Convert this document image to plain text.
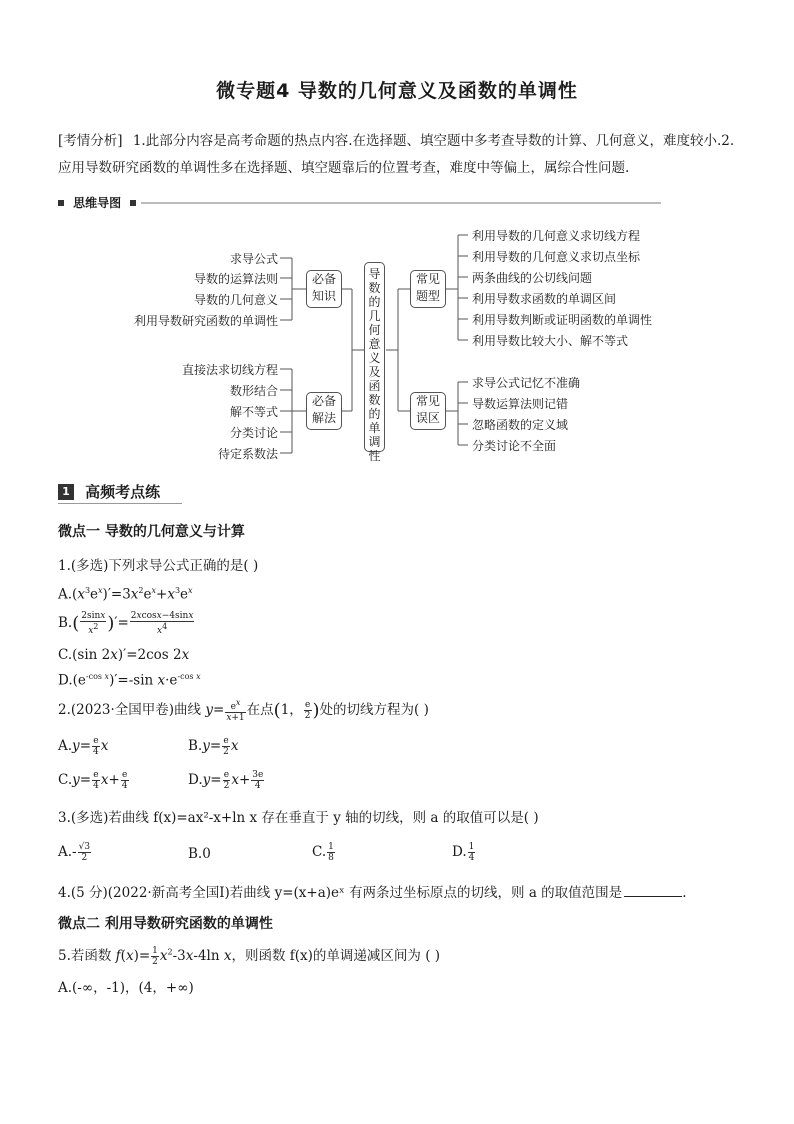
微专题4 导数的几何意义及函数的单调性
[考情分析] 1.此部分内容是高考命题的热点内容.在选择题、填空题中多考查导数的计算、几何意义，难度较小.2.应用导数研究函数的单调性多在选择题、填空题靠后的位置考查，难度中等偏上，属综合性问题.
思维导图
求导公式
导数的运算法则
导数的几何意义
利用导数研究函数的单调性
必备知识
直接法求切线方程
数形结合
解不等式
分类讨论
待定系数法
必备解法
导数的几何意义及函数的单调性
常见题型
常见误区
利用导数的几何意义求切线方程
利用导数的几何意义求切点坐标
两条曲线的公切线问题
利用导数求函数的单调区间
利用导数判断或证明函数的单调性
利用导数比较大小、解不等式
求导公式记忆不准确
导数运算法则记错
忽略函数的定义域
分类讨论不全面
1 高频考点练
微点一 导数的几何意义与计算
1.(多选)下列求导公式正确的是( )
$A.(x^3e^x)'=3x^2e^x+x^3e^x$
$B.( \frac{2\sin x}{x^2}$ )′= $\frac{2xcosx-4\sin x}{x^4}$
C.(sin 2x)′=2cos 2x
$D.(e^{-cos x})'=-\sin$ $x\cdot e^{-cos x}$
2.(2023·全国甲卷)曲线 $y= \frac{e^x}{x+1}$ 在点(1， $\frac{e}{2}$ )处的切线方程为( )
$A.y= \frac{e}{4}$ x	$B.y= \frac{e}{2}$ x
$C.y= \frac{e}{4} x+ \frac{e}{4}$	$D.y= \frac{e}{2} x+ \frac{3e}{4}$
3.(多选)若曲线 f(x)=ax²-x+ln x 存在垂直于 y 轴的切线，则 a 的取值可以是( )
$A.- \frac{√3}{2}$	B.0	C. $\frac{1}{8}$	D. $\frac{1}{4}$
4.(5 分)(2022·新高考全国Ⅰ)若曲线 y=(x+a)eˣ 有两条过坐标原点的切线，则 a 的取值范围是	.
微点二 利用导数研究函数的单调性
5.若函数 $f(x)= \frac{1}{2} x^2-3x-4\ln$ x，则函数 f(x)的单调递减区间为 ( )
A.(-∞，-1)，(4，+∞)
